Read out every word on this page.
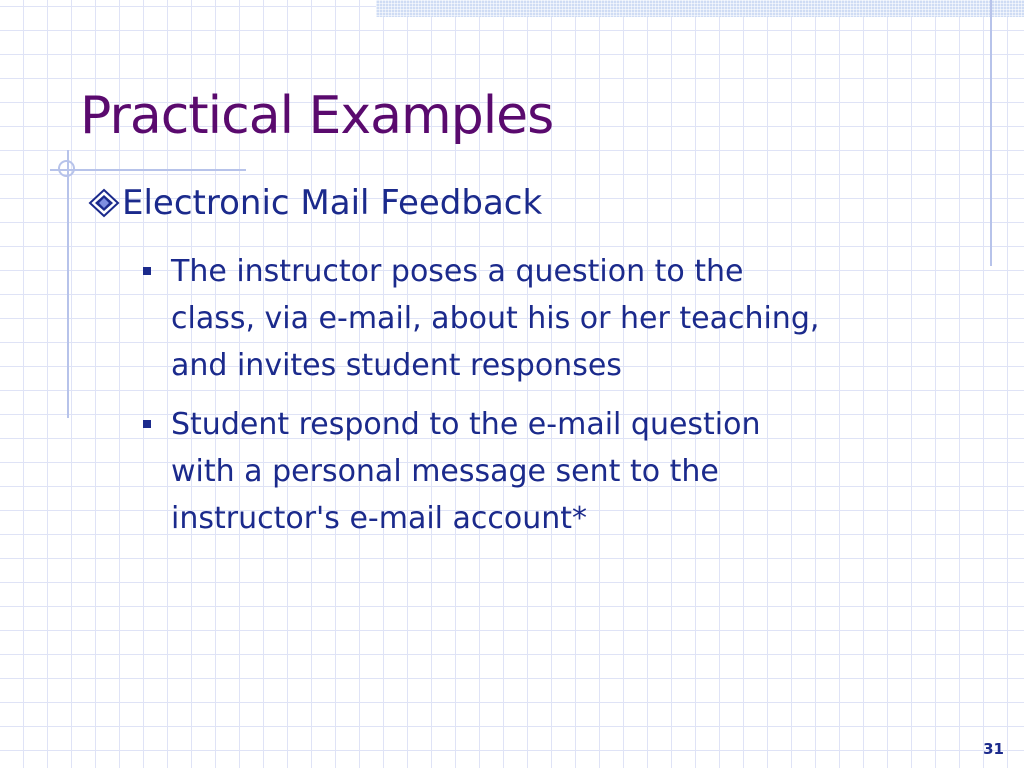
Practical Examples
Electronic Mail Feedback
The instructor poses a question to the
class, via e-mail, about his or her teaching,
and invites student responses
Student respond to the e-mail question
with a personal message sent to the
instructor's e-mail account*
31
